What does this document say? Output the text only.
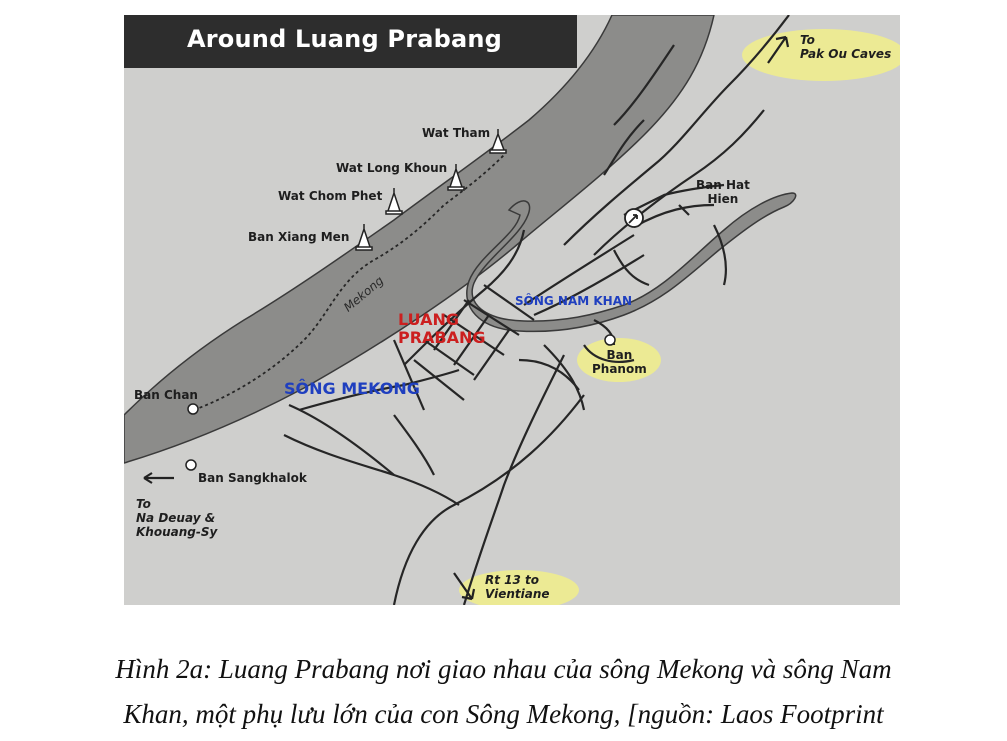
Around Luang Prabang	To
Pak Ou Caves
Wat Tham
Wat Long Khoun
Wat Chom Phet
Ban Xiang Men
Ban Hat
Hien
Mekong	SÔNG NAM KHAN
LUANG
PRABANG
Ban
Phanom
Ban Chan	SÔNG MEKONG
Ban Sangkhalok
To
Na Deuay &
Khouang-Sy
Rt 13 to
Vientiane
Hình 2a: Luang Prabang nơi giao nhau của sông Mekong và sông Nam
Khan, một phụ lưu lớn của con Sông Mekong, [nguồn: Laos Footprint
